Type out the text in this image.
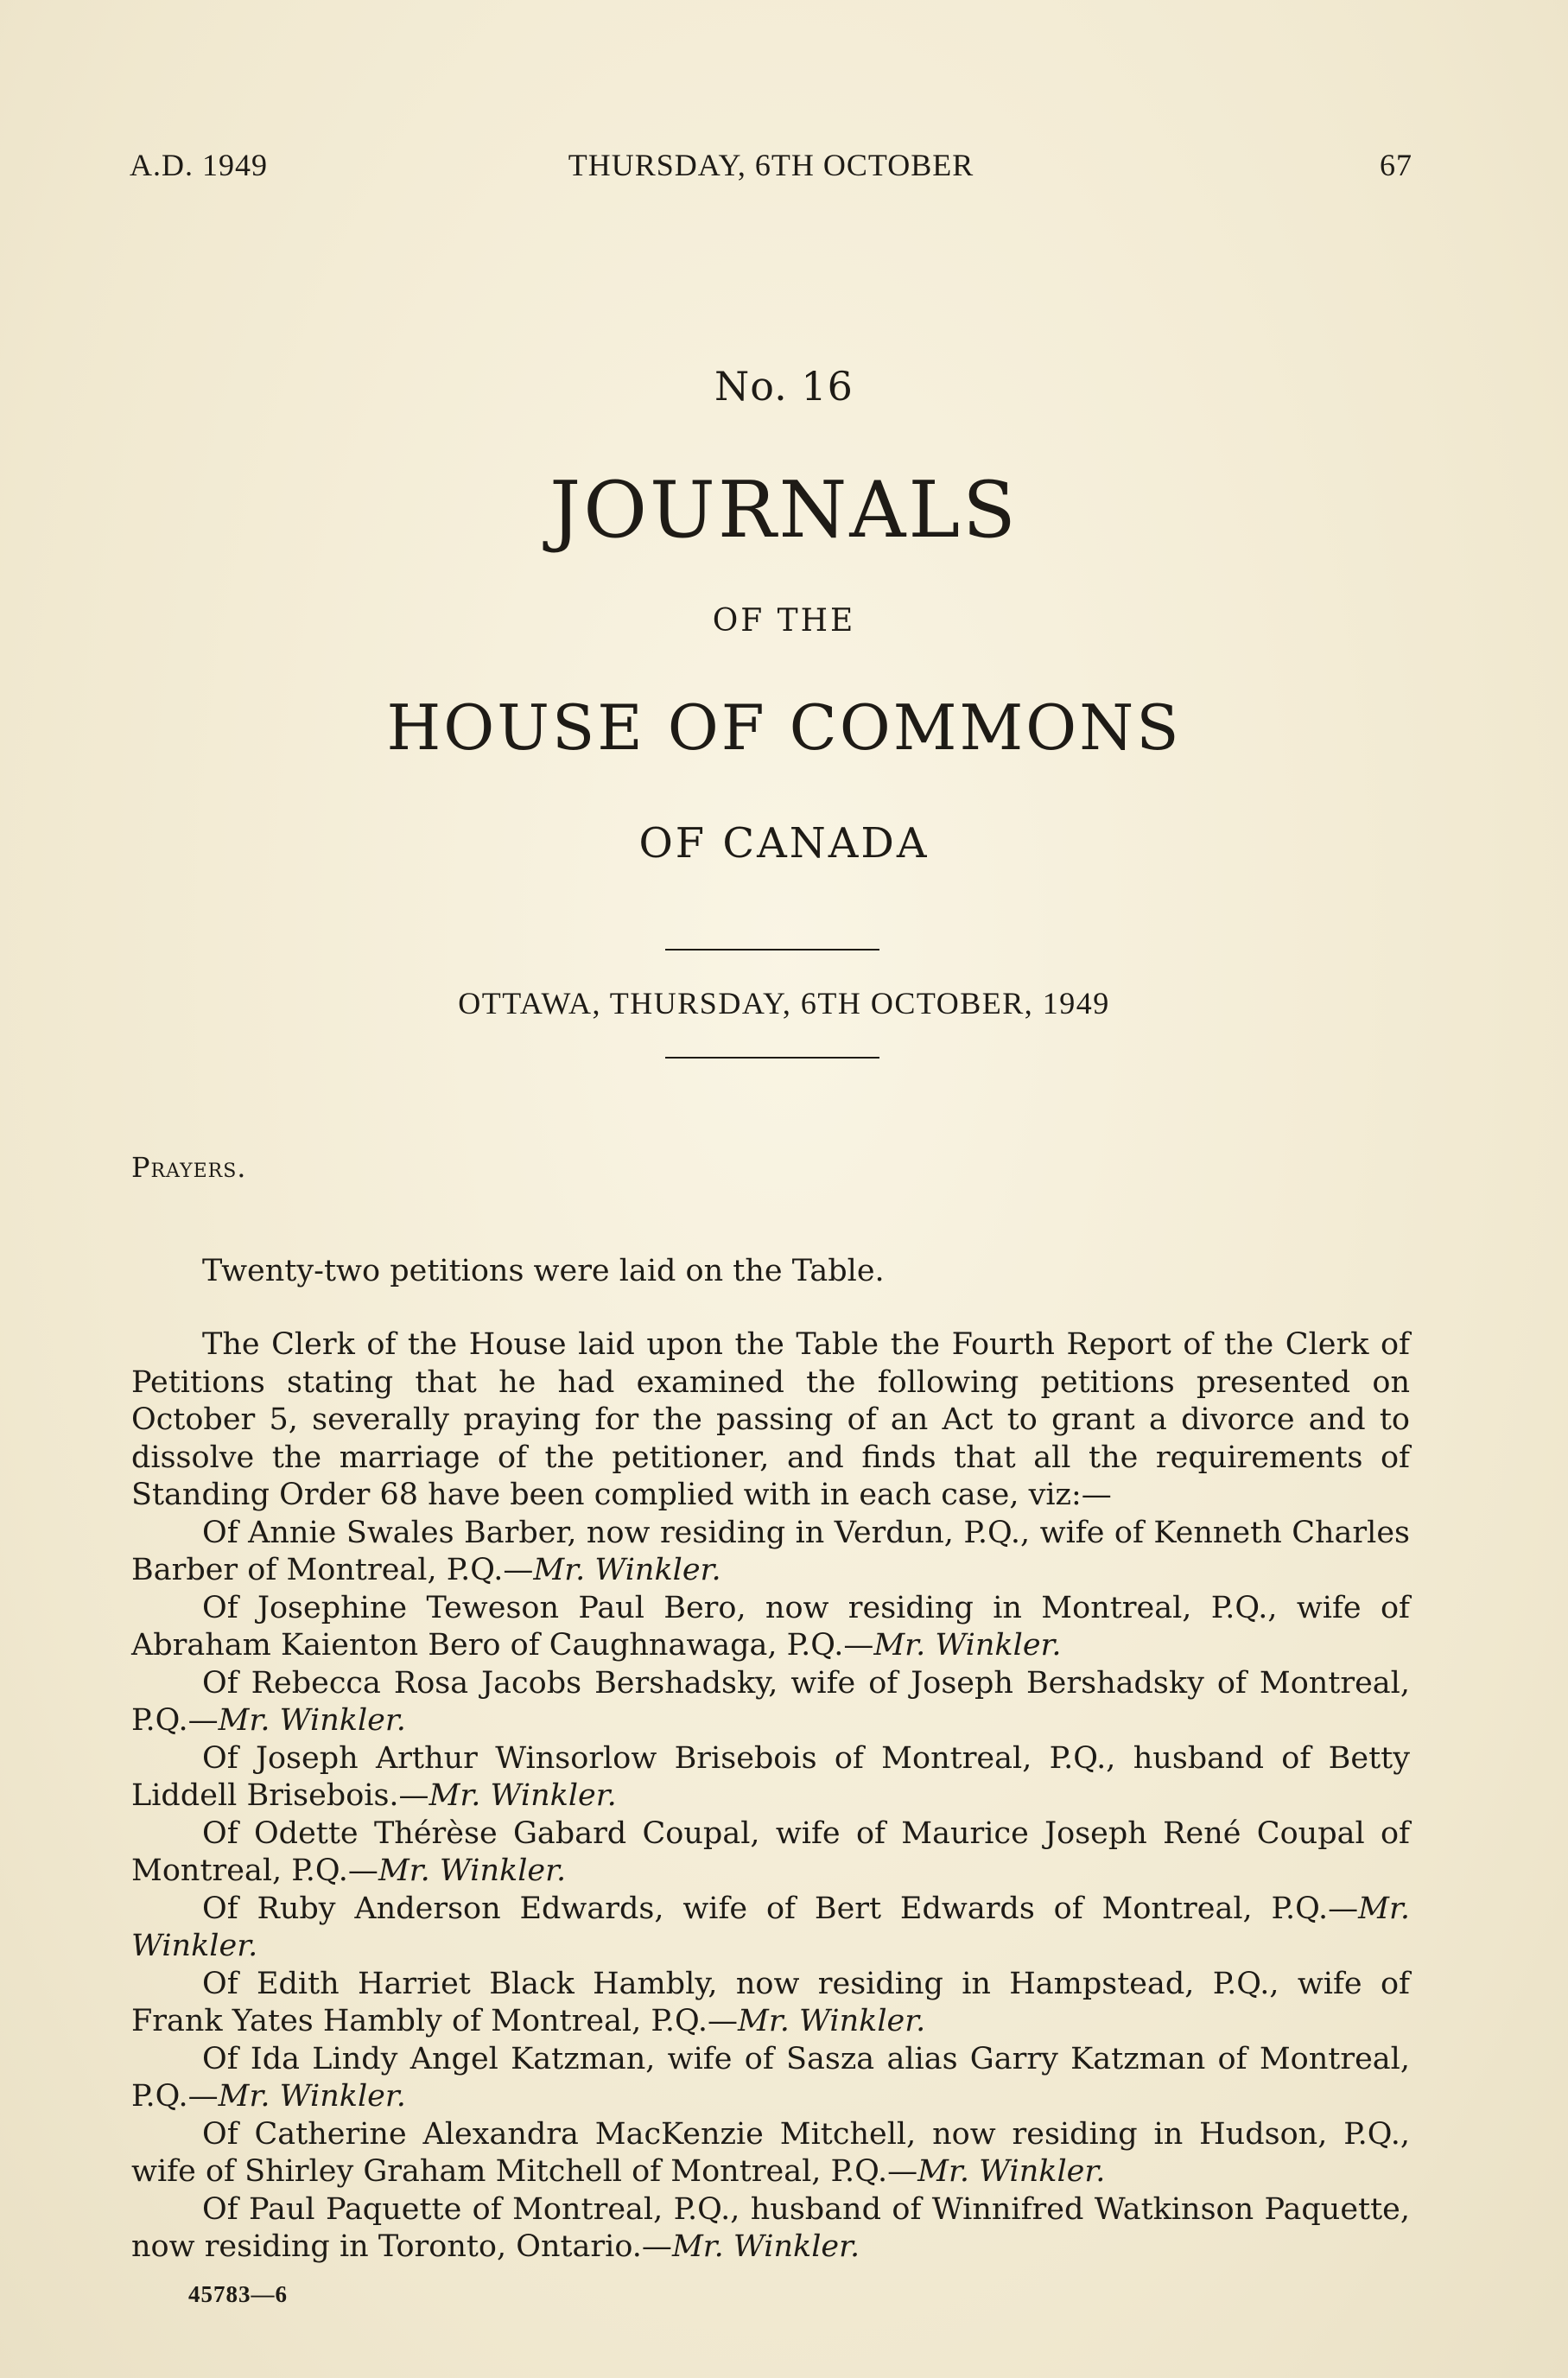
A.D. 1949	THURSDAY, 6TH OCTOBER	67
No. 16
JOURNALS
OF THE
HOUSE OF COMMONS
OF CANADA
OTTAWA, THURSDAY, 6TH OCTOBER, 1949

Prayers.

Twenty-two petitions were laid on the Table.

The Clerk of the House laid upon the Table the Fourth Report of the Clerk of Petitions stating that he had examined the following petitions presented on October 5, severally praying for the passing of an Act to grant a divorce and to dissolve the marriage of the petitioner, and finds that all the requirements of Standing Order 68 have been complied with in each case, viz:—

Of Annie Swales Barber, now residing in Verdun, P.Q., wife of Kenneth Charles Barber of Montreal, P.Q.—Mr. Winkler.

Of Josephine Teweson Paul Bero, now residing in Montreal, P.Q., wife of Abraham Kaienton Bero of Caughnawaga, P.Q.—Mr. Winkler.

Of Rebecca Rosa Jacobs Bershadsky, wife of Joseph Bershadsky of Montreal, P.Q.—Mr. Winkler.

Of Joseph Arthur Winsorlow Brisebois of Montreal, P.Q., husband of Betty Liddell Brisebois.—Mr. Winkler.

Of Odette Thérèse Gabard Coupal, wife of Maurice Joseph René Coupal of Montreal, P.Q.—Mr. Winkler.

Of Ruby Anderson Edwards, wife of Bert Edwards of Montreal, P.Q.—Mr. Winkler.

Of Edith Harriet Black Hambly, now residing in Hampstead, P.Q., wife of Frank Yates Hambly of Montreal, P.Q.—Mr. Winkler.

Of Ida Lindy Angel Katzman, wife of Sasza alias Garry Katzman of Montreal, P.Q.—Mr. Winkler.

Of Catherine Alexandra MacKenzie Mitchell, now residing in Hudson, P.Q., wife of Shirley Graham Mitchell of Montreal, P.Q.—Mr. Winkler.

Of Paul Paquette of Montreal, P.Q., husband of Winnifred Watkinson Paquette, now residing in Toronto, Ontario.—Mr. Winkler.

45783—6
